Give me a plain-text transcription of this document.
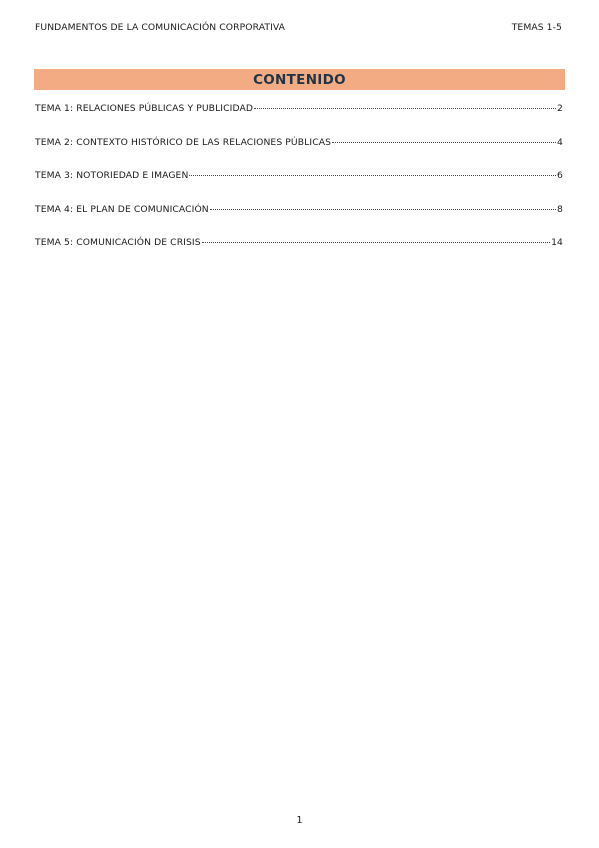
FUNDAMENTOS DE LA COMUNICACIÓN CORPORATIVA	TEMAS 1-5
CONTENIDO
TEMA 1: RELACIONES PÚBLICAS Y PUBLICIDAD	2
TEMA 2: CONTEXTO HISTÓRICO DE LAS RELACIONES PÚBLICAS	4
TEMA 3: NOTORIEDAD E IMAGEN	6
TEMA 4: EL PLAN DE COMUNICACIÓN	8
TEMA 5: COMUNICACIÓN DE CRISIS	14
1
